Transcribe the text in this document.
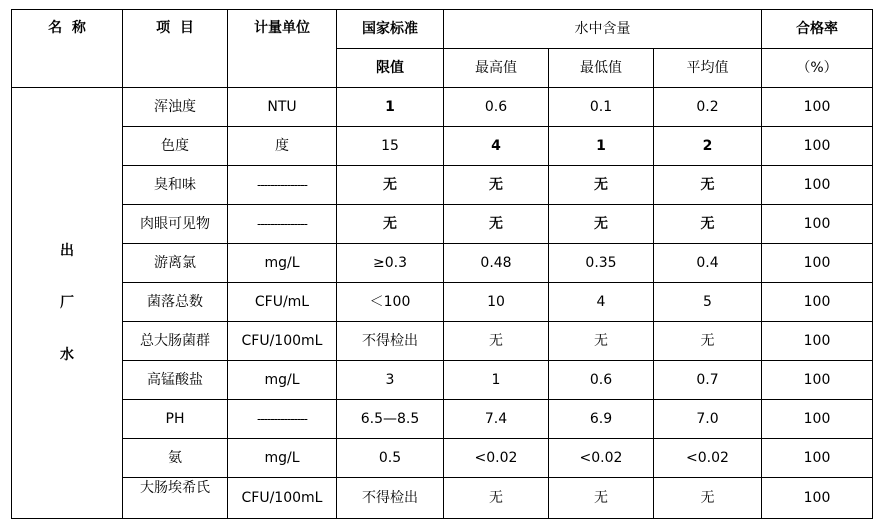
名  称	项  目	计量单位	国家标准	水中含量			合格率
			限值	最高值	最低值	平均值	（%）

出
厂
水	浑浊度	NTU	1	0.6	0.1	0.2	100
	色度	度	15	4	1	2	100
	臭和味	---------------	无	无	无	无	100
	肉眼可见物	---------------	无	无	无	无	100
	游离氯	mg/L	≥0.3	0.48	0.35	0.4	100
	菌落总数	CFU/mL	＜100	10	4	5	100
	总大肠菌群	CFU/100mL	不得检出	无	无	无	100
	高锰酸盐	mg/L	3	1	0.6	0.7	100
	PH	---------------	6.5—8.5	7.4	6.9	7.0	100
	氨	mg/L	0.5	<0.02	<0.02	<0.02	100
	大肠埃希氏	CFU/100mL	不得检出	无	无	无	100
